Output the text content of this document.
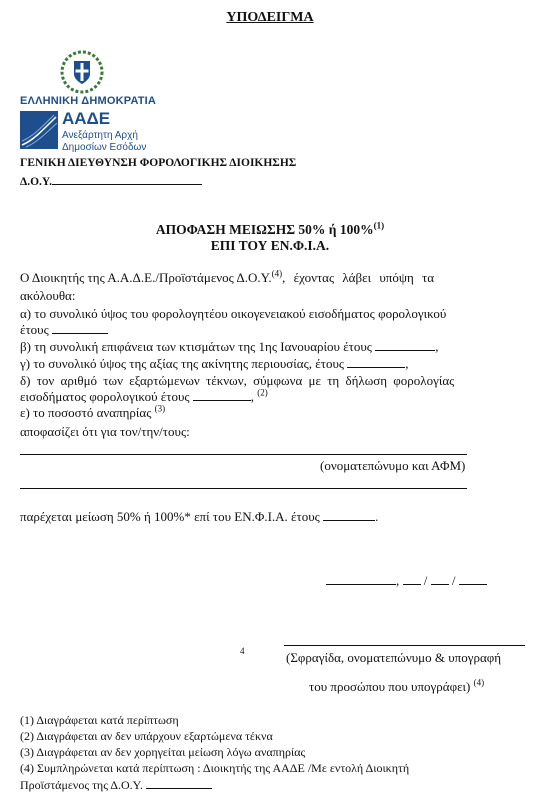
ΥΠΟΔΕΙΓΜΑ
ΕΛΛΗΝΙΚΗ ΔΗΜΟΚΡΑΤΙΑ
ΑΑΔΕ
Ανεξάρτητη Αρχή
Δημοσίων Εσόδων
ΓΕΝΙΚΗ ΔΙΕΥΘΥΝΣΗ ΦΟΡΟΛΟΓΙΚΗΣ ΔΙΟΙΚΗΣΗΣ
Δ.Ο.Υ.
ΑΠΟΦΑΣΗ ΜΕΙΩΣΗΣ 50% ή 100%$^{(1)}$
ΕΠΙ ΤΟΥ ΕΝ.Φ.Ι.Α.
Ο Διοικητής της Α.Α.Δ.Ε./Προϊστάμενος Δ.Ο.Υ.$^{(4)}$, έχοντας λάβει υπόψη τα
ακόλουθα:
α) το συνολικό ύψος του φορολογητέου οικογενειακού εισοδήματος φορολογικού
έτους
β) τη συνολική επιφάνεια των κτισμάτων της 1ης Ιανουαρίου έτους	,
γ) το συνολικό ύψος της αξίας της ακίνητης περιουσίας, έτους	,
δ) τον αριθμό των εξαρτώμενων τέκνων, σύμφωνα με τη δήλωση φορολογίας
εισοδήματος φορολογικού έτους	, $^{(2)}$
ε) το ποσοστό αναπηρίας $^{(3)}$
αποφασίζει ότι για τον/την/τους:
(ονοματεπώνυμο και ΑΦΜ)
παρέχεται μείωση 50% ή 100%* επί του ΕΝ.Φ.Ι.Α. έτους	.
, / /
4	(Σφραγίδα, ονοματεπώνυμο & υπογραφή
του προσώπου που υπογράφει) $^{(4)}$
(1) Διαγράφεται κατά περίπτωση
(2) Διαγράφεται αν δεν υπάρχουν εξαρτώμενα τέκνα
(3) Διαγράφεται αν δεν χορηγείται μείωση λόγω αναπηρίας
(4) Συμπληρώνεται κατά περίπτωση : Διοικητής της ΑΑΔΕ /Με εντολή Διοικητή
Προϊστάμενος της Δ.Ο.Υ.
